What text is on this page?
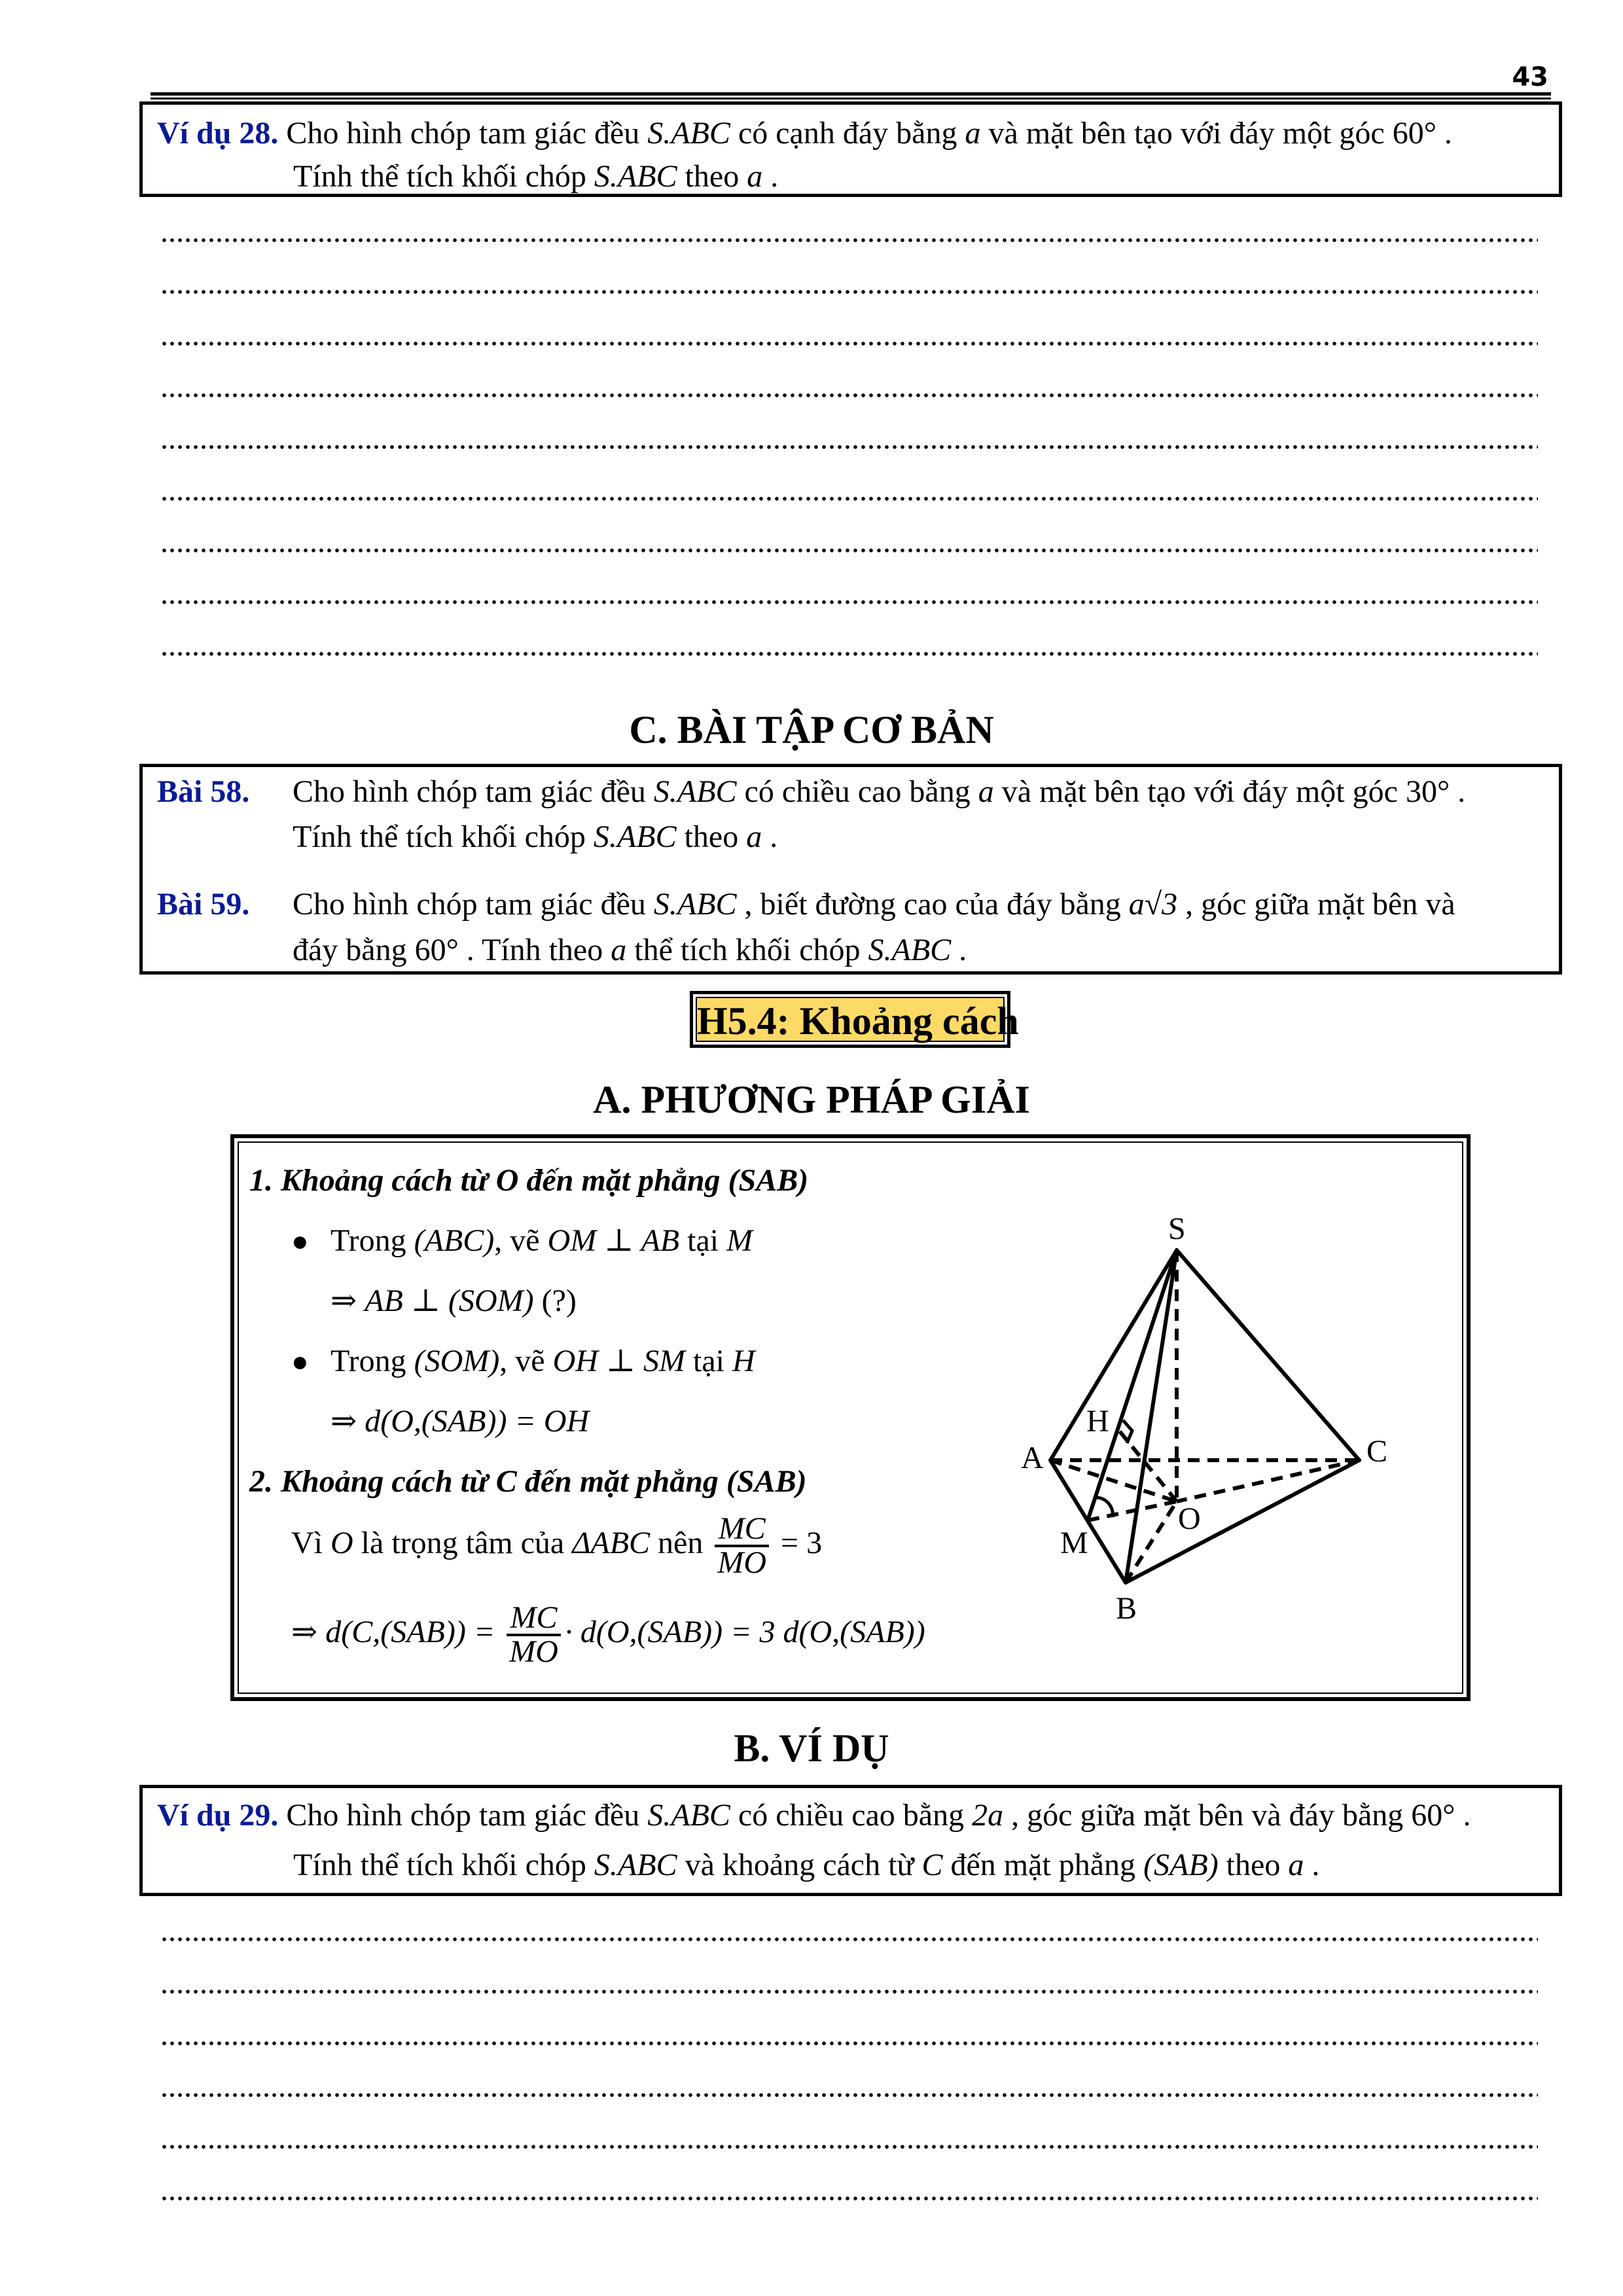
43
Ví dụ 28. Cho hình chóp tam giác đều S.ABC có cạnh đáy bằng a và mặt bên tạo với đáy một góc 60° .
Tính thể tích khối chóp S.ABC theo a .
C. BÀI TẬP CƠ BẢN
Bài 58. Cho hình chóp tam giác đều S.ABC có chiều cao bằng a và mặt bên tạo với đáy một góc 30° .
Tính thể tích khối chóp S.ABC theo a .
Bài 59. Cho hình chóp tam giác đều S.ABC , biết đường cao của đáy bằng a√3 , góc giữa mặt bên và
đáy bằng 60° . Tính theo a thể tích khối chóp S.ABC .
H5.4: Khoảng cách
A. PHƯƠNG PHÁP GIẢI
1. Khoảng cách từ O đến mặt phẳng (SAB)
● Trong (ABC), vẽ OM ⊥ AB tại M
⇒ AB ⊥ (SOM) (?)
● Trong (SOM), vẽ OH ⊥ SM tại H
⇒ d(O,(SAB)) = OH
2. Khoảng cách từ C đến mặt phẳng (SAB)
Vì O là trọng tâm của ΔABC nên $\frac{MC}{MO} = 3$
⇒ $d(C,(SAB)) = \frac{MC}{MO} \cdot d(O,(SAB)) = 3$ d(O,(SAB))
S
A	C
B
M
O
H
B. VÍ DỤ
Ví dụ 29. Cho hình chóp tam giác đều S.ABC có chiều cao bằng 2a , góc giữa mặt bên và đáy bằng 60° .
Tính thể tích khối chóp S.ABC và khoảng cách từ C đến mặt phẳng (SAB) theo a .
